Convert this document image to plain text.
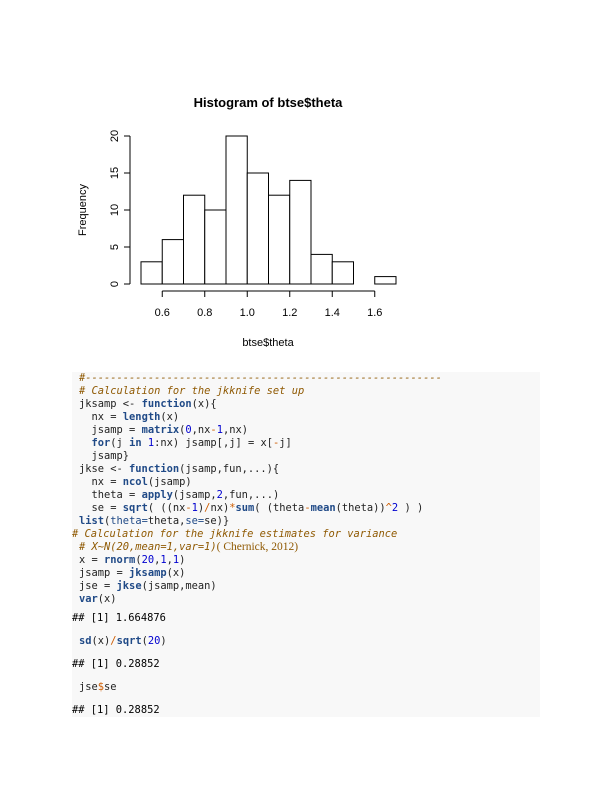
Histogram of btse$theta
Frequency
btse$theta
0.6 0.8 1.0 1.2 1.4 1.6
0
5
10
15
20
#---------------------------------------------------------
# Calculation for the jkknife set up
jksamp <- function(x){
nx = length(x)
jsamp = matrix(0,nx-1,nx)
for(j in 1:nx) jsamp[,j] = x[-j]
jsamp}
jkse <- function(jsamp,fun,...){
nx = ncol(jsamp)
theta = apply(jsamp,2,fun,...)
se = sqrt( ((nx-1)/nx)*sum( (theta-mean(theta))^2 ) )
list(theta=theta,se=se)}
# Calculation for the jkknife estimates for variance
# X~N(20,mean=1,var=1)( Chernick, 2012)
x = rnorm(20,1,1)
jsamp = jksamp(x)
jse = jkse(jsamp,mean)
var(x)
## [1] 1.664876
sd(x)/sqrt(20)
## [1] 0.28852
jse$se
## [1] 0.28852
